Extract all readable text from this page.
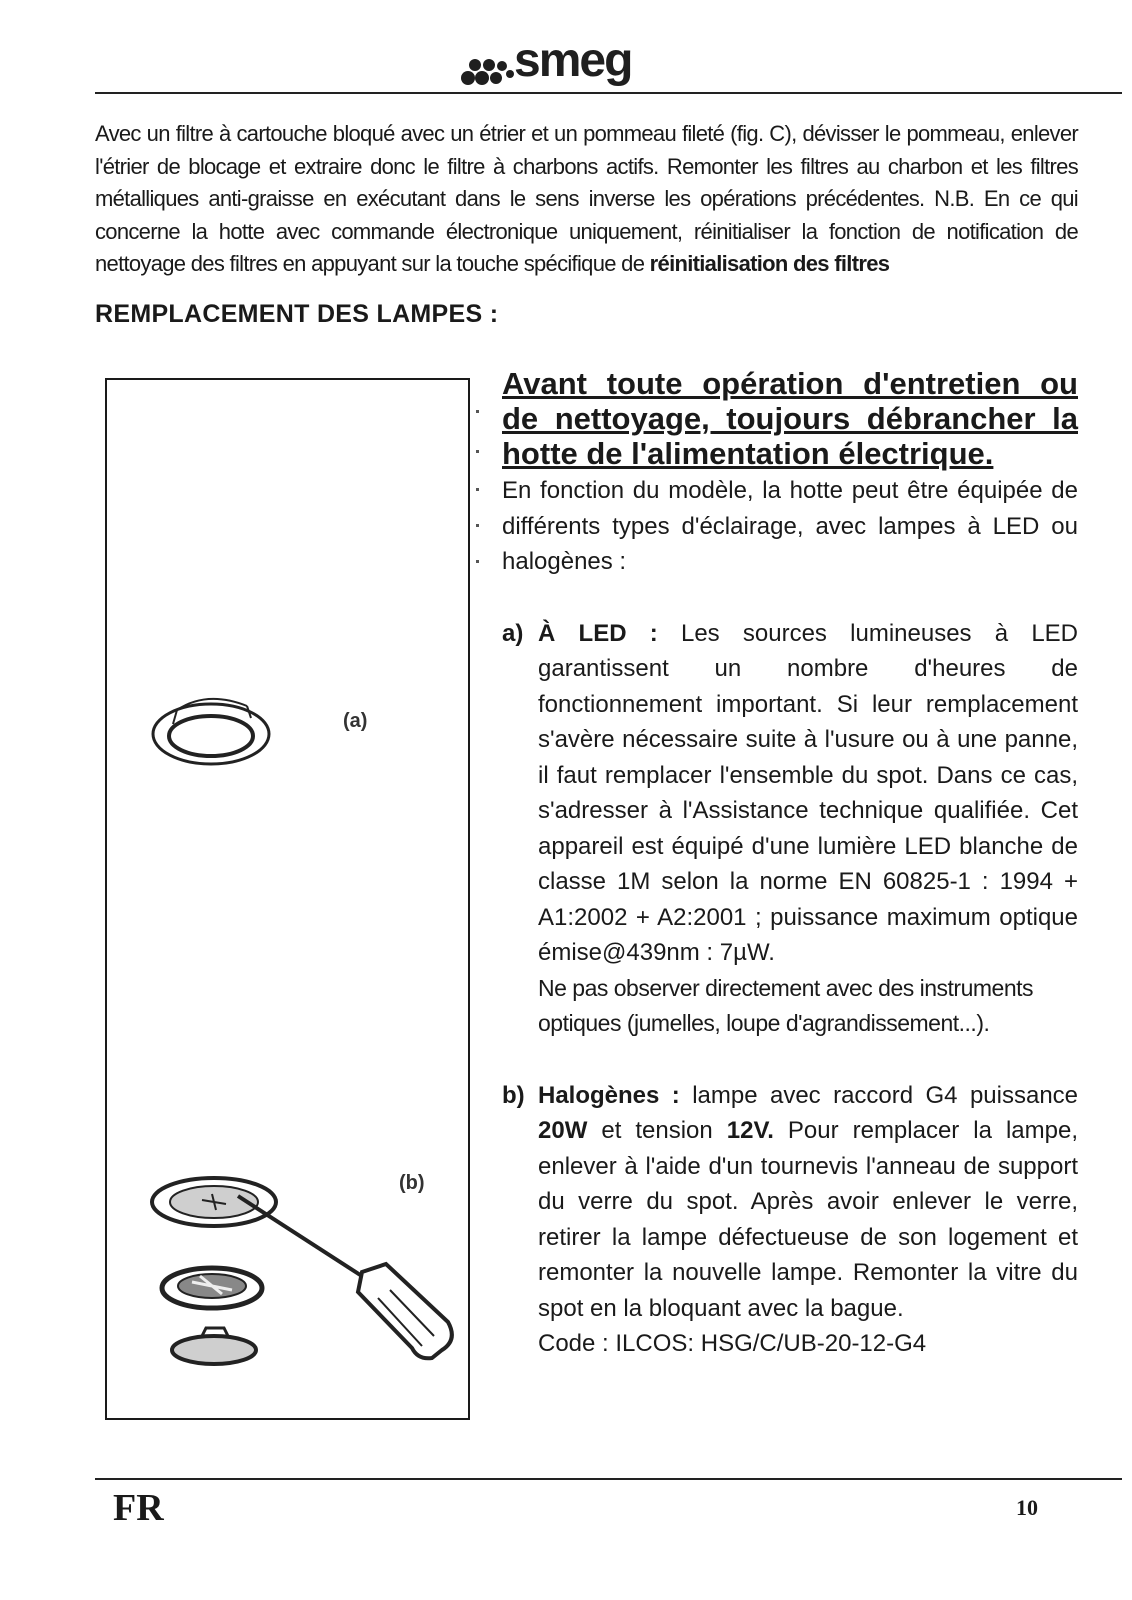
smeg
Avec un filtre à cartouche bloqué avec un étrier et un pommeau fileté (fig. C), dévisser le pommeau, enlever l'étrier de blocage et extraire donc le filtre à charbons actifs. Remonter les filtres au charbon et les filtres métalliques anti-graisse en exécutant dans le sens inverse les opérations précédentes. N.B. En ce qui concerne la hotte avec commande électronique uniquement, réinitialiser la fonction de notification de nettoyage des filtres en appuyant sur la touche spécifique de réinitialisation des filtres
REMPLACEMENT DES LAMPES :
(a)
(b)
Avant toute opération d'entretien ou de nettoyage, toujours débrancher la hotte de l'alimentation électrique.
En fonction du modèle, la hotte peut être équipée de différents types d'éclairage, avec lampes à LED ou halogènes :
a) À LED : Les sources lumineuses à LED garantissent un nombre d'heures de fonctionnement important. Si leur remplacement s'avère nécessaire suite à l'usure ou à une panne, il faut remplacer l'ensemble du spot. Dans ce cas, s'adresser à l'Assistance technique qualifiée. Cet appareil est équipé d'une lumière LED blanche de classe 1M selon la norme EN 60825-1 : 1994 + A1:2002 + A2:2001 ; puissance maximum optique émise@439nm : 7µW.
Ne pas observer directement avec des instruments optiques (jumelles, loupe d'agrandissement...).
b) Halogènes : lampe avec raccord G4 puissance 20W et tension 12V. Pour remplacer la lampe, enlever à l'aide d'un tournevis l'anneau de support du verre du spot. Après avoir enlever le verre, retirer la lampe défectueuse de son logement et remonter la nouvelle lampe. Remonter la vitre du spot en la bloquant avec la bague.
Code : ILCOS: HSG/C/UB-20-12-G4
FR	10
